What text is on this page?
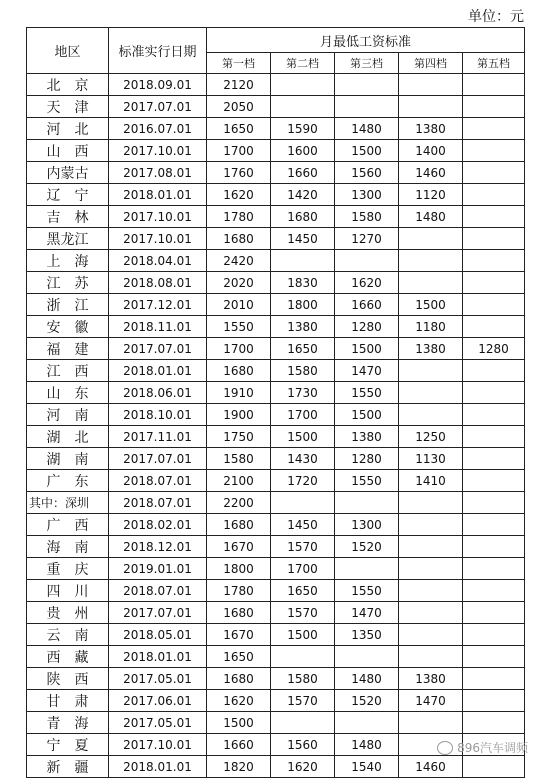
单位：元
地区	标准实行日期	月最低工资标准				
		第一档	第二档	第三档	第四档	第五档
北京	2018.09.01	2120				
天津	2017.07.01	2050				
河北	2016.07.01	1650	1590	1480	1380	
山西	2017.10.01	1700	1600	1500	1400	
内蒙古	2017.08.01	1760	1660	1560	1460	
辽宁	2018.01.01	1620	1420	1300	1120	
吉林	2017.10.01	1780	1680	1580	1480	
黑龙江	2017.10.01	1680	1450	1270		
上海	2018.04.01	2420				
江苏	2018.08.01	2020	1830	1620		
浙江	2017.12.01	2010	1800	1660	1500	
安徽	2018.11.01	1550	1380	1280	1180	
福建	2017.07.01	1700	1650	1500	1380	1280
江西	2018.01.01	1680	1580	1470		
山东	2018.06.01	1910	1730	1550		
河南	2018.10.01	1900	1700	1500		
湖北	2017.11.01	1750	1500	1380	1250	
湖南	2017.07.01	1580	1430	1280	1130	
广东	2018.07.01	2100	1720	1550	1410	
其中：深圳	2018.07.01	2200				
广西	2018.02.01	1680	1450	1300		
海南	2018.12.01	1670	1570	1520		
重庆	2019.01.01	1800	1700			
四川	2018.07.01	1780	1650	1550		
贵州	2017.07.01	1680	1570	1470		
云南	2018.05.01	1670	1500	1350		
西藏	2018.01.01	1650				
陕西	2017.05.01	1680	1580	1480	1380	
甘肃	2017.06.01	1620	1570	1520	1470	
青海	2017.05.01	1500				
宁夏	2017.10.01	1660	1560	1480		
新疆	2018.01.01	1820	1620	1540	1460	
896汽车调频
